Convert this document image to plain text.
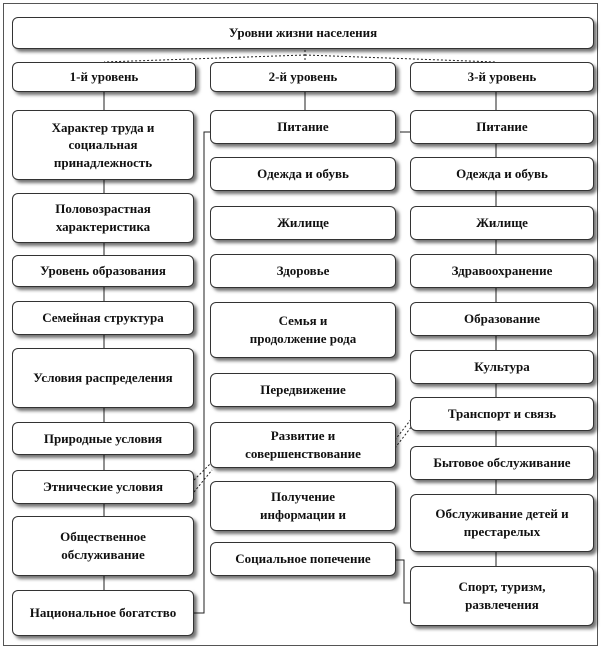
Уровни жизни населения
1-й уровень	2-й уровень	3-й уровень
Характер труда и социальная принадлежность
Половозрастная характеристика
Уровень образования
Семейная структура
Условия распределения
Природные условия
Этнические условия
Общественное обслуживание
Национальное богатство
Питание
Одежда и обувь
Жилище
Здоровье
Семья и продолжение рода
Передвижение
Развитие и совершенствование
Получение информации и
Социальное попечение
Питание
Одежда и обувь
Жилище
Здравоохранение
Образование
Культура
Транспорт и связь
Бытовое обслуживание
Обслуживание детей и престарелых
Спорт, туризм, развлечения
